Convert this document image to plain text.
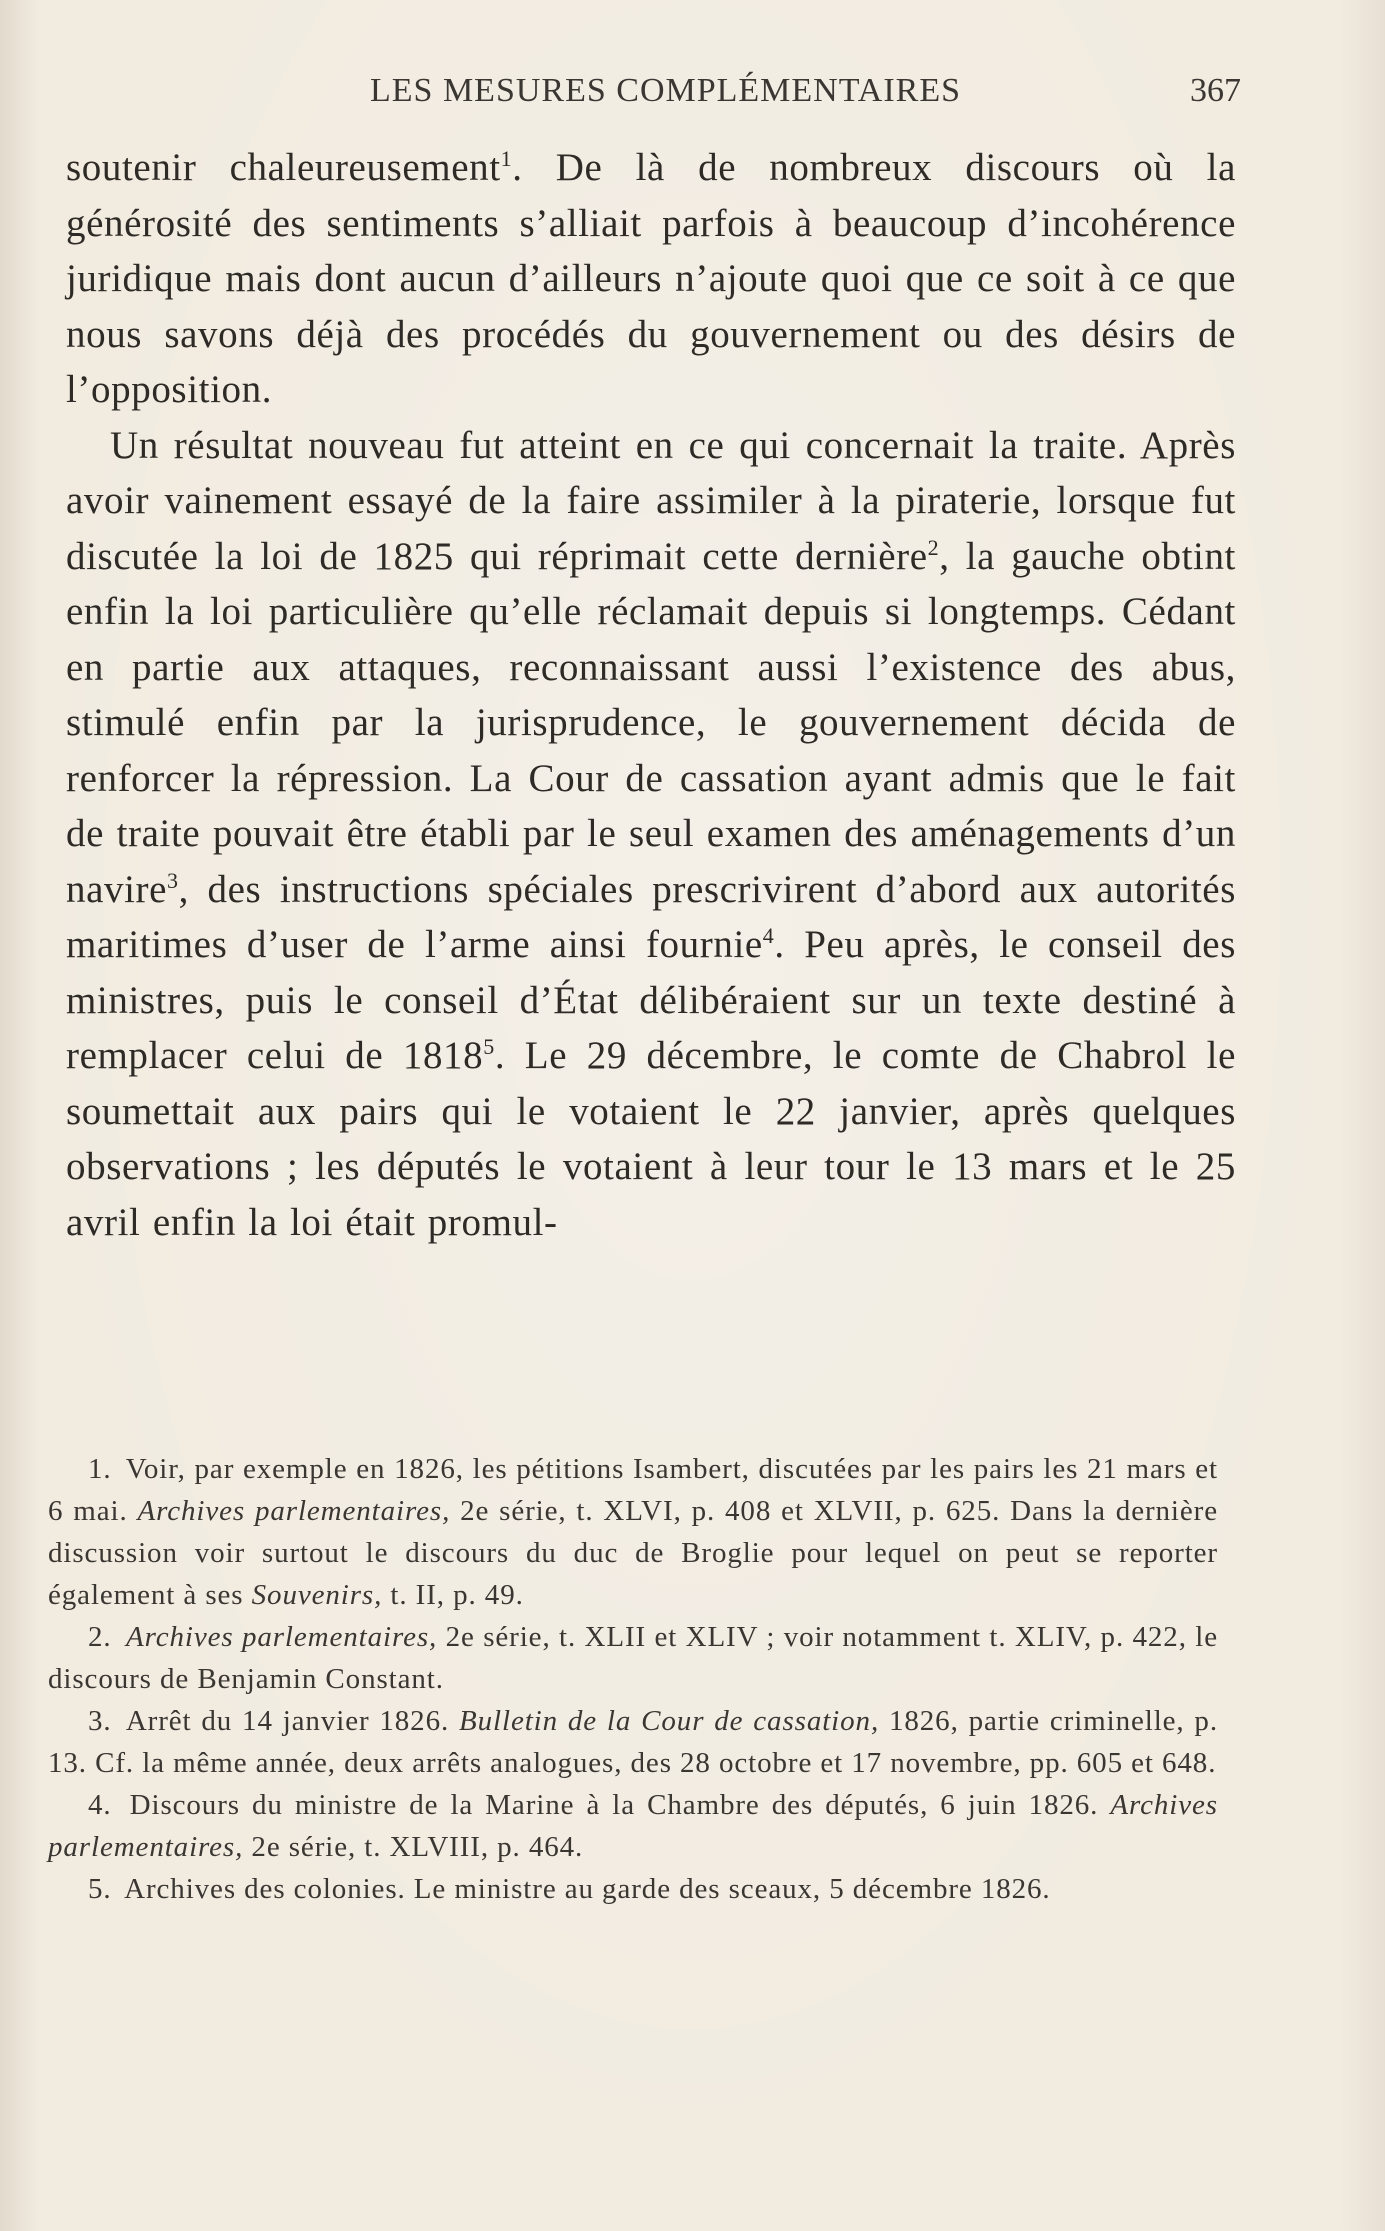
LES MESURES COMPLÉMENTAIRES	367

soutenir chaleureusement$^1$. De là de nombreux discours où la générosité des sentiments s’alliait parfois à beaucoup d’incohérence juridique mais dont aucun d’ailleurs n’ajoute quoi que ce soit à ce que nous savons déjà des procédés du gouvernement ou des désirs de l’opposition.

Un résultat nouveau fut atteint en ce qui concernait la traite. Après avoir vainement essayé de la faire assimiler à la piraterie, lorsque fut discutée la loi de 1825 qui réprimait cette dernière$^2$, la gauche obtint enfin la loi particulière qu’elle réclamait depuis si longtemps. Cédant en partie aux attaques, reconnaissant aussi l’existence des abus, stimulé enfin par la jurisprudence, le gouvernement décida de renforcer la répression. La Cour de cassation ayant admis que le fait de traite pouvait être établi par le seul examen des aménagements d’un navire$^3$, des instructions spéciales prescrivirent d’abord aux autorités maritimes d’user de l’arme ainsi fournie$^4$. Peu après, le conseil des ministres, puis le conseil d’État délibéraient sur un texte destiné à remplacer celui de 1818$^5$. Le 29 décembre, le comte de Chabrol le soumettait aux pairs qui le votaient le 22 janvier, après quelques observations ; les députés le votaient à leur tour le 13 mars et le 25 avril enfin la loi était promul-

1. Voir, par exemple en 1826, les pétitions Isambert, discutées par les pairs les 21 mars et 6 mai. Archives parlementaires, 2e série, t. XLVI, p. 408 et XLVII, p. 625. Dans la dernière discussion voir surtout le discours du duc de Broglie pour lequel on peut se reporter également à ses Souvenirs, t. II, p. 49.

2. Archives parlementaires, 2e série, t. XLII et XLIV ; voir notamment t. XLIV, p. 422, le discours de Benjamin Constant.

3. Arrêt du 14 janvier 1826. Bulletin de la Cour de cassation, 1826, partie criminelle, p. 13. Cf. la même année, deux arrêts analogues, des 28 octobre et 17 novembre, pp. 605 et 648.

4. Discours du ministre de la Marine à la Chambre des députés, 6 juin 1826. Archives parlementaires, 2e série, t. XLVIII, p. 464.

5. Archives des colonies. Le ministre au garde des sceaux, 5 décembre 1826.
